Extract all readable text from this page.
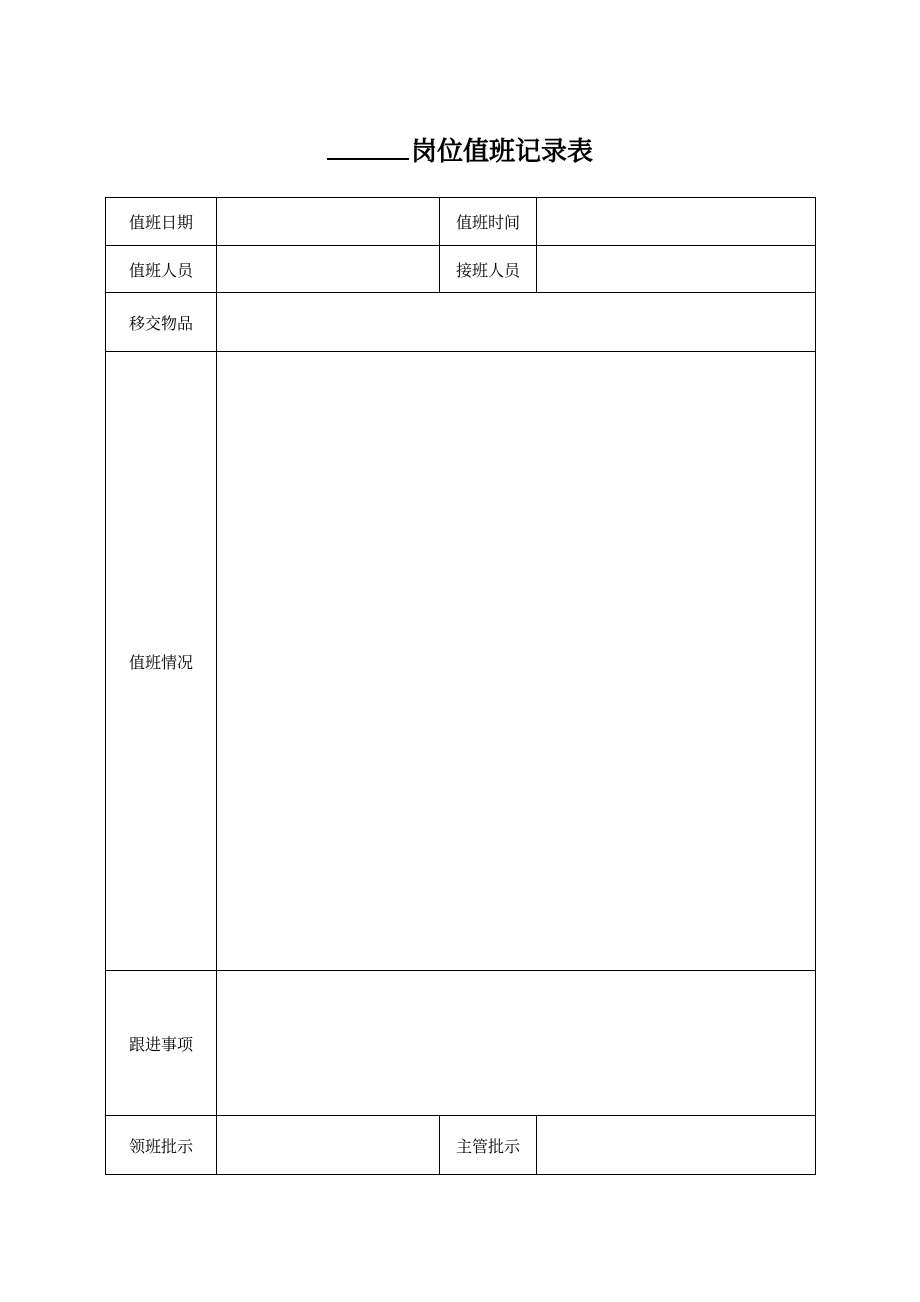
岗位值班记录表
值班日期		值班时间	
值班人员		接班人员	
移交物品			
值班情况			
跟进事项			
领班批示		主管批示	
